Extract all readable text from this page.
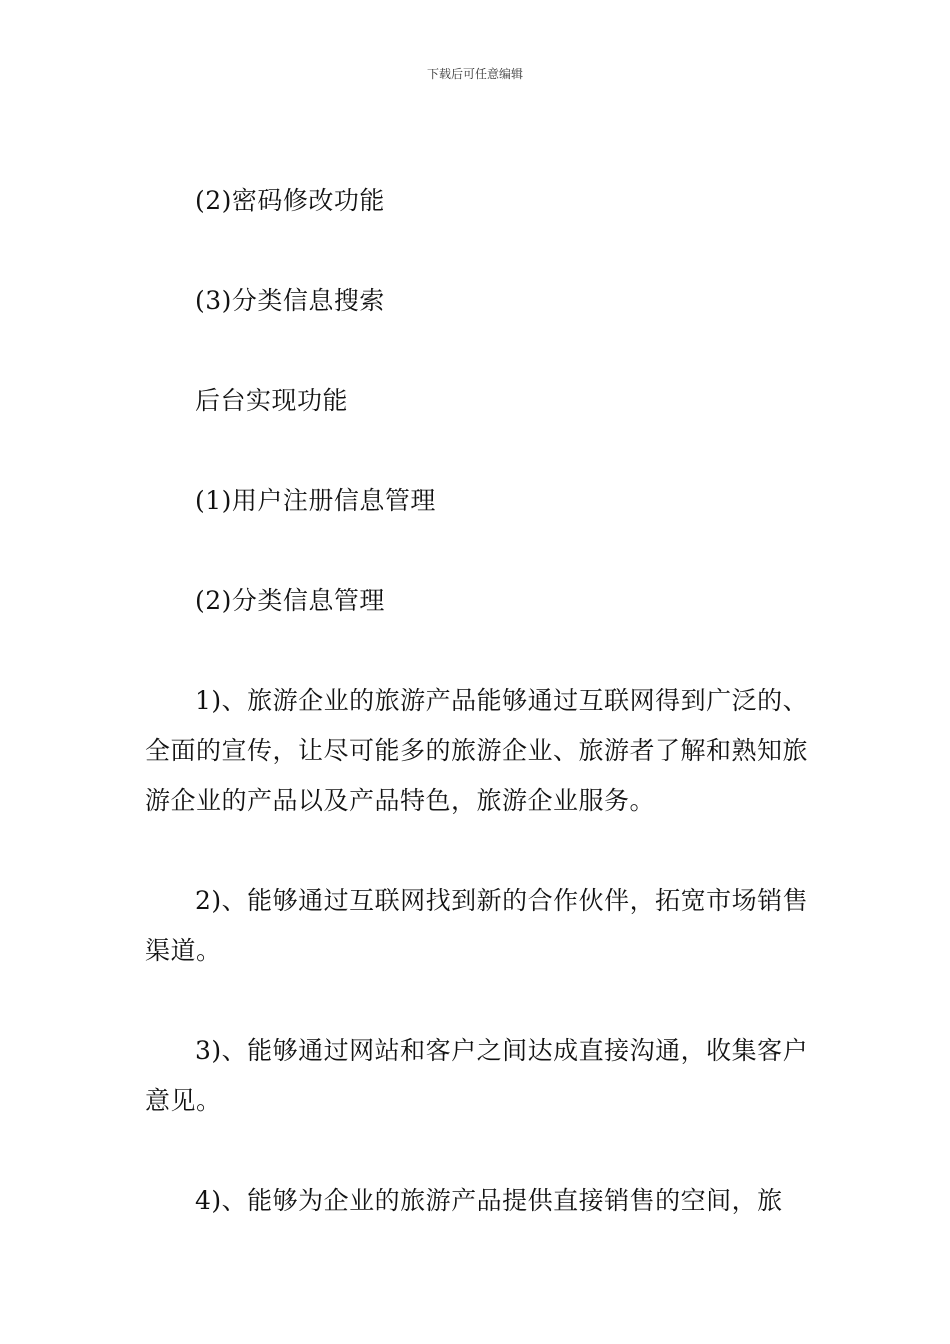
下载后可任意编辑

(2)密码修改功能

(3)分类信息搜索

后台实现功能

(1)用户注册信息管理

(2)分类信息管理

1)、旅游企业的旅游产品能够通过互联网得到广泛的、全面的宣传，让尽可能多的旅游企业、旅游者了解和熟知旅游企业的产品以及产品特色，旅游企业服务。

2)、能够通过互联网找到新的合作伙伴，拓宽市场销售渠道。

3)、能够通过网站和客户之间达成直接沟通，收集客户意见。

4)、能够为企业的旅游产品提供直接销售的空间，旅
